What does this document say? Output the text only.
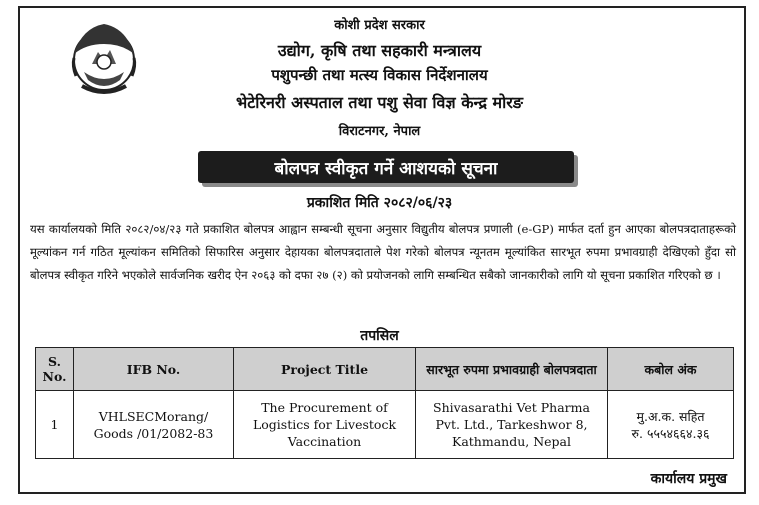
कोशी प्रदेश सरकार
उद्योग, कृषि तथा सहकारी मन्त्रालय
पशुपन्छी तथा मत्स्य विकास निर्देशनालय
भेटेरिनरी अस्पताल तथा पशु सेवा विज्ञ केन्द्र मोरङ
विराटनगर, नेपाल
बोलपत्र स्वीकृत गर्ने आशयको सूचना
प्रकाशित मिति २०८२/०६/२३
यस कार्यालयको मिति २०८२/०४/२३ गते प्रकाशित बोलपत्र आह्वान सम्बन्धी सूचना अनुसार विद्युतीय बोलपत्र प्रणाली (e-GP) मार्फत दर्ता हुन आएका बोलपत्रदाताहरूको मूल्यांकन गर्न गठित मूल्यांकन समितिको सिफारिस अनुसार देहायका बोलपत्रदाताले पेश गरेको बोलपत्र न्यूनतम मूल्यांकित सारभूत रुपमा प्रभावग्राही देखिएको हुँदा सो बोलपत्र स्वीकृत गरिने भएकोले सार्वजनिक खरीद ऐन २०६३ को दफा २७ (२) को प्रयोजनको लागि सम्बन्धित सबैको जानकारीको लागि यो सूचना प्रकाशित गरिएको छ ।
तपसिल
S. No.	IFB No.	Project Title	सारभूत रुपमा प्रभावग्राही बोलपत्रदाता	कबोल अंक
1	VHLSECMorang/ Goods /01/2082-83	The Procurement of Logistics for Livestock Vaccination	Shivasarathi Vet Pharma Pvt. Ltd., Tarkeshwor 8, Kathmandu, Nepal	मु.अ.क. सहित
रु. ५५५४६६४.३६
कार्यालय प्रमुख
